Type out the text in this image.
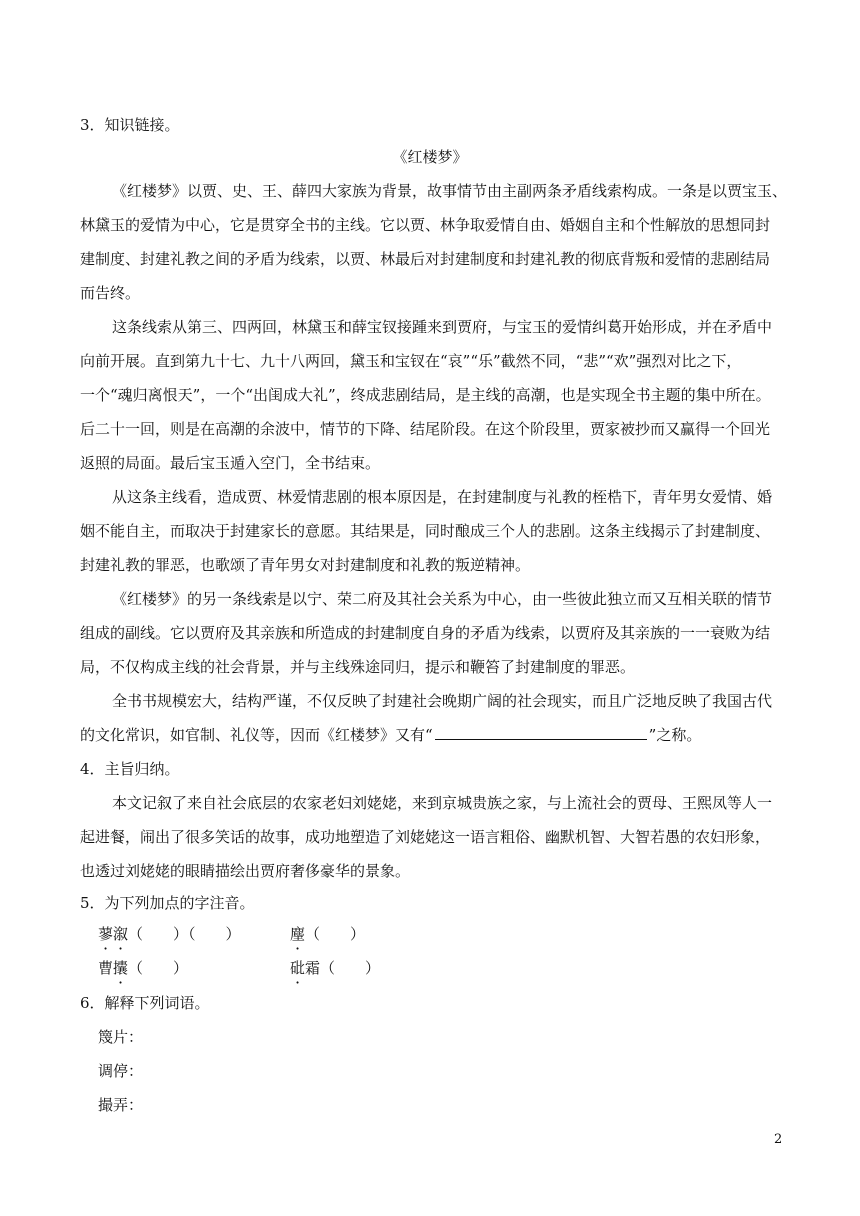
3．知识链接。
《红楼梦》
《红楼梦》以贾、史、王、薛四大家族为背景，故事情节由主副两条矛盾线索构成。一条是以贾宝玉、
林黛玉的爱情为中心，它是贯穿全书的主线。它以贾、林争取爱情自由、婚姻自主和个性解放的思想同封
建制度、封建礼教之间的矛盾为线索，以贾、林最后对封建制度和封建礼教的彻底背叛和爱情的悲剧结局
而告终。
这条线索从第三、四两回，林黛玉和薛宝钗接踵来到贾府，与宝玉的爱情纠葛开始形成，并在矛盾中
向前开展。直到第九十七、九十八两回，黛玉和宝钗在“哀”“乐”截然不同，“悲”“欢”强烈对比之下，
一个“魂归离恨天”，一个“出闺成大礼”，终成悲剧结局，是主线的高潮，也是实现全书主题的集中所在。
后二十一回，则是在高潮的余波中，情节的下降、结尾阶段。在这个阶段里，贾家被抄而又赢得一个回光
返照的局面。最后宝玉遁入空门，全书结束。
从这条主线看，造成贾、林爱情悲剧的根本原因是，在封建制度与礼教的桎梏下，青年男女爱情、婚
姻不能自主，而取决于封建家长的意愿。其结果是，同时酿成三个人的悲剧。这条主线揭示了封建制度、
封建礼教的罪恶，也歌颂了青年男女对封建制度和礼教的叛逆精神。
《红楼梦》的另一条线索是以宁、荣二府及其社会关系为中心，由一些彼此独立而又互相关联的情节
组成的副线。它以贾府及其亲族和所造成的封建制度自身的矛盾为线索，以贾府及其亲族的一一衰败为结
局，不仅构成主线的社会背景，并与主线殊途同归，提示和鞭笞了封建制度的罪恶。
全书书规模宏大，结构严谨，不仅反映了封建社会晚期广阔的社会现实，而且广泛地反映了我国古代
的文化常识，如官制、礼仪等，因而《红楼梦》又有“	”之称。
4．主旨归纳。
本文记叙了来自社会底层的农家老妇刘姥姥，来到京城贵族之家，与上流社会的贾母、王熙凤等人一
起进餐，闹出了很多笑话的故事，成功地塑造了刘姥姥这一语言粗俗、幽默机智、大智若愚的农妇形象，
也透过刘姥姥的眼睛描绘出贾府奢侈豪华的景象。
5．为下列加点的字注音。
蓼溆（　　）（　　）	麈（　　）
曹攮（　　）	砒霜（　　）
6．解释下列词语。
篾片：
调停：
撮弄：
2
